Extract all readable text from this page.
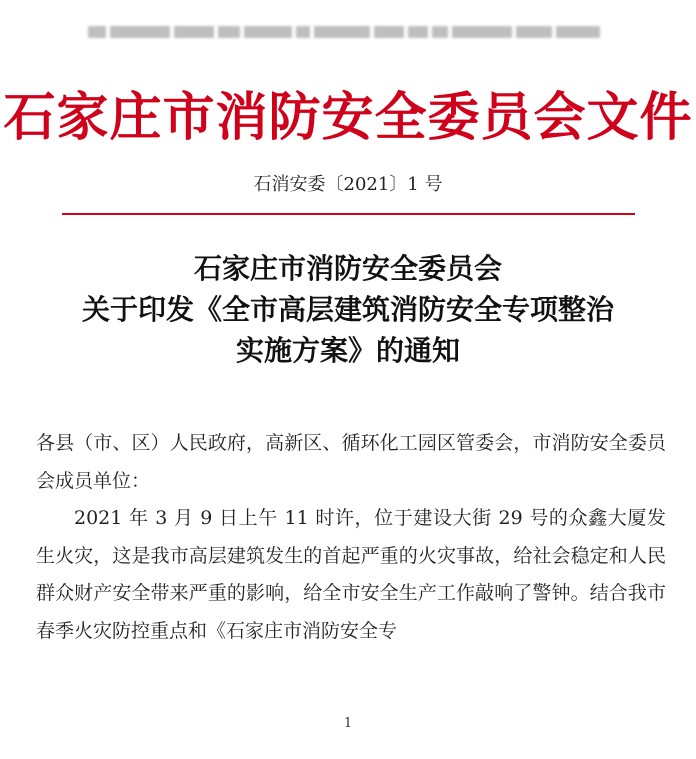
石家庄市消防安全委员会文件
石消安委〔2021〕1 号
石家庄市消防安全委员会
关于印发《全市高层建筑消防安全专项整治
实施方案》的通知

各县（市、区）人民政府，高新区、循环化工园区管委会，市消防安全委员会成员单位：

2021 年 3 月 9 日上午 11 时许，位于建设大街 29 号的众鑫大厦发生火灾，这是我市高层建筑发生的首起严重的火灾事故，给社会稳定和人民群众财产安全带来严重的影响，给全市安全生产工作敲响了警钟。结合我市春季火灾防控重点和《石家庄市消防安全专

1
